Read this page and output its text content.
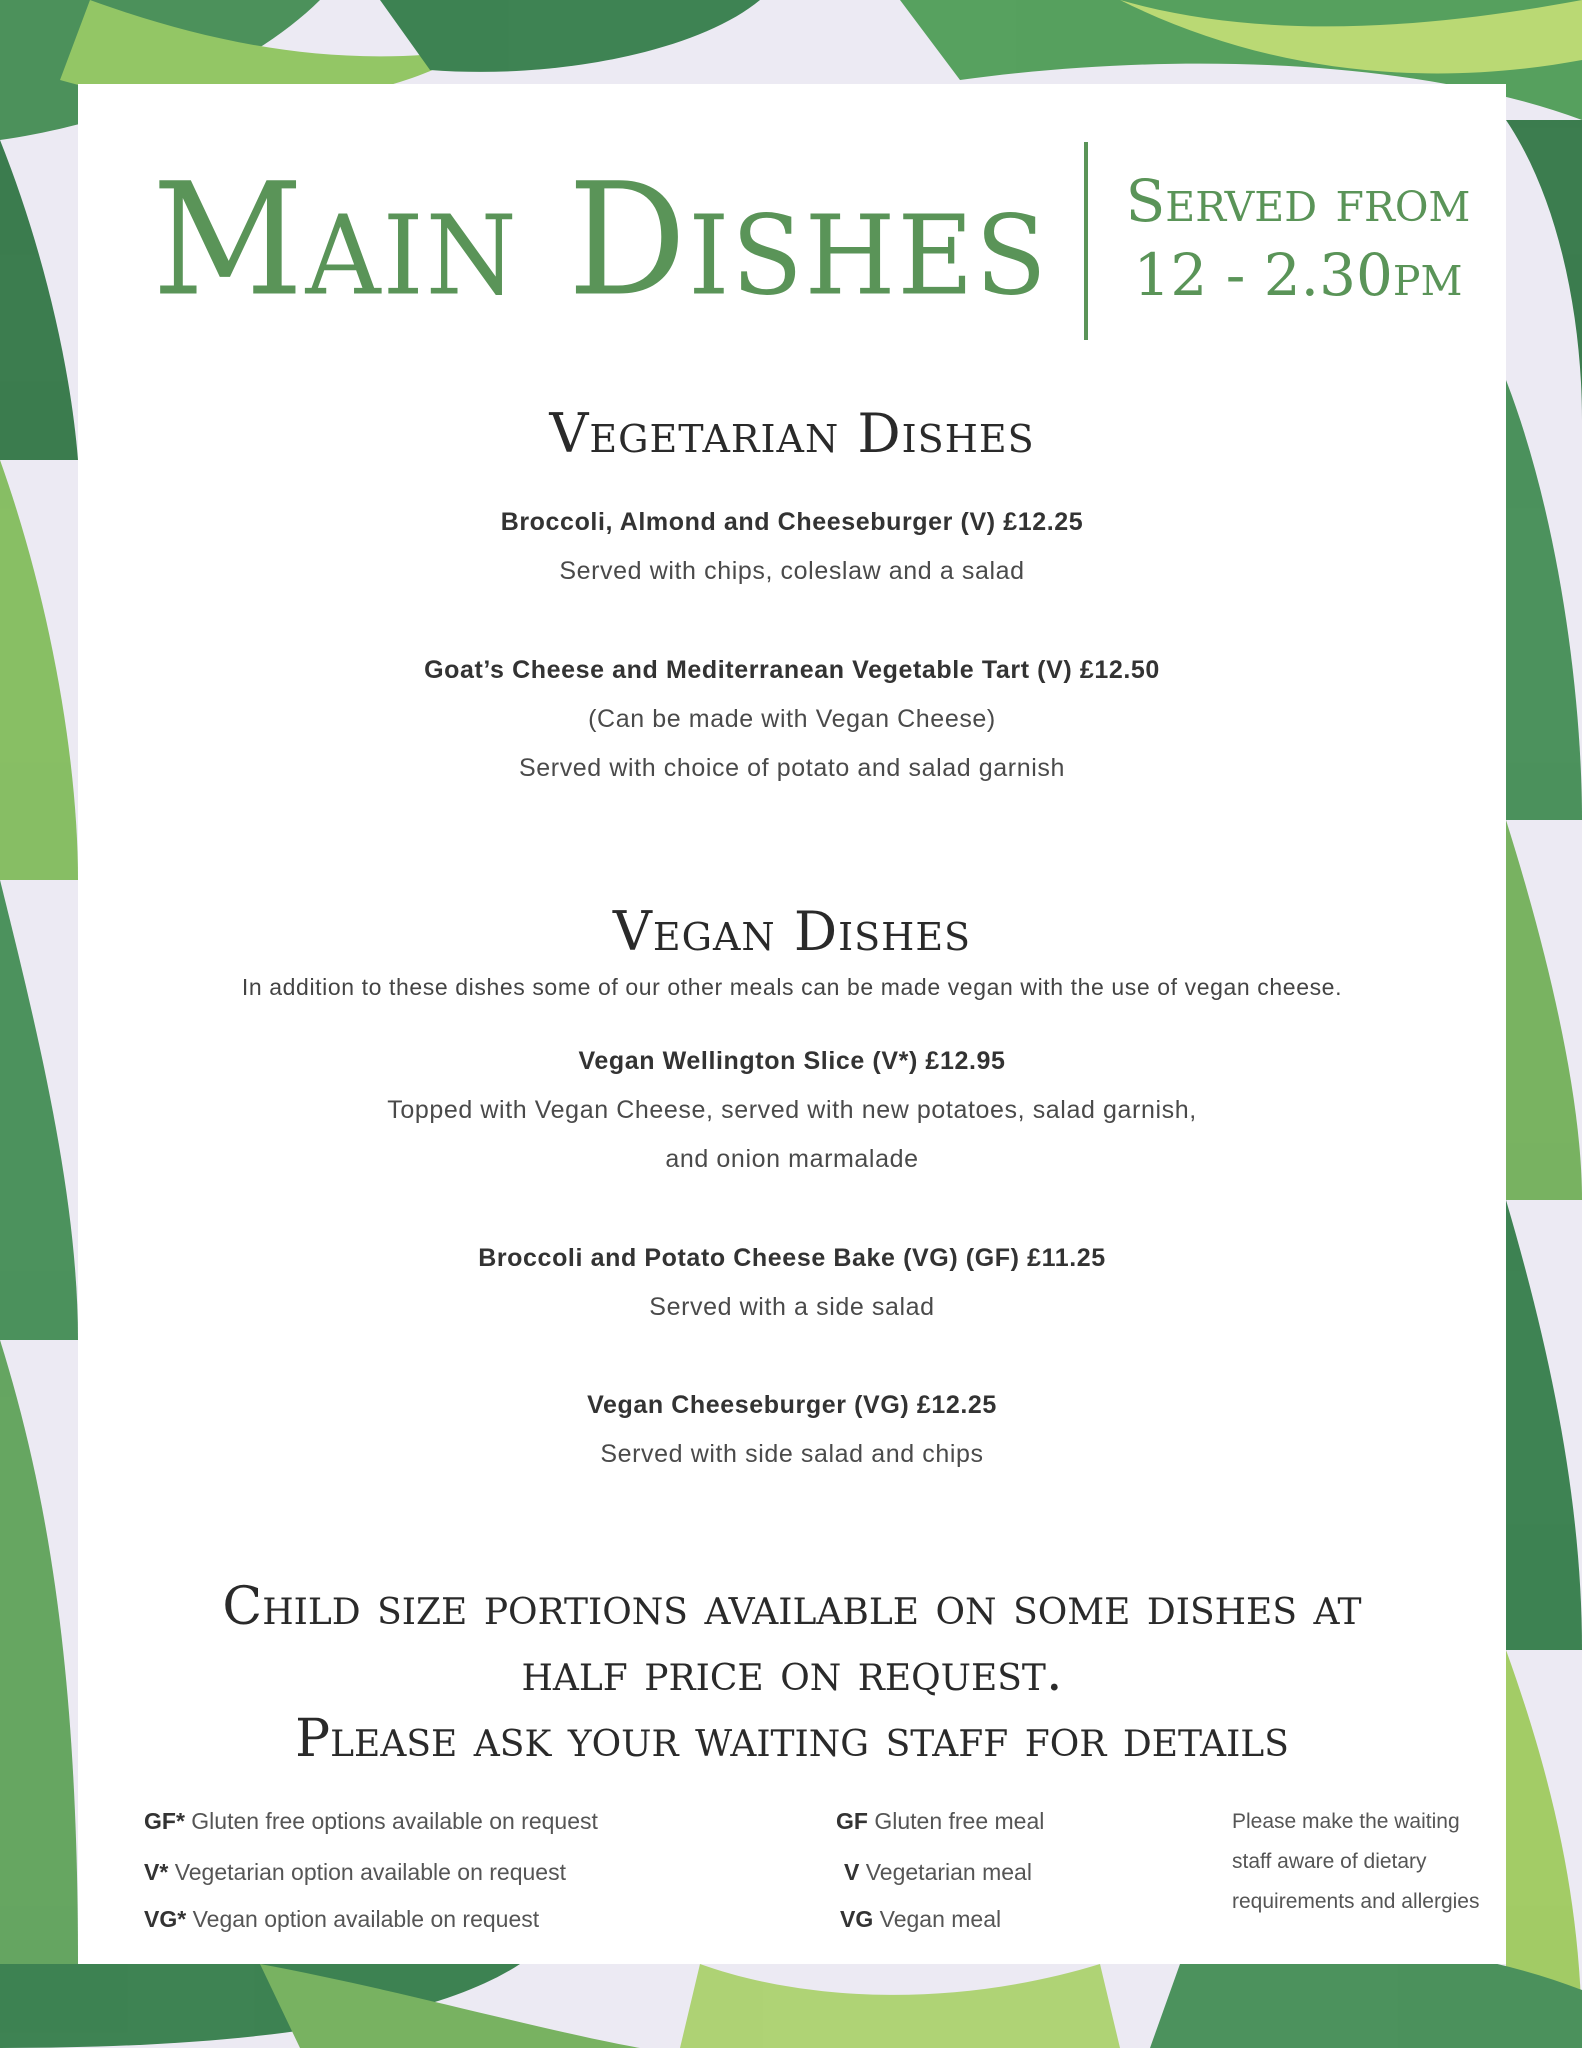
Main Dishes	Served from
12 - 2.30pm
Vegetarian Dishes
Broccoli, Almond and Cheeseburger (V) £12.25
Served with chips, coleslaw and a salad
Goat’s Cheese and Mediterranean Vegetable Tart (V) £12.50
(Can be made with Vegan Cheese)
Served with choice of potato and salad garnish
Vegan Dishes
In addition to these dishes some of our other meals can be made vegan with the use of vegan cheese.
Vegan Wellington Slice (V*) £12.95
Topped with Vegan Cheese, served with new potatoes, salad garnish,
and onion marmalade
Broccoli and Potato Cheese Bake (VG) (GF) £11.25
Served with a side salad
Vegan Cheeseburger (VG) £12.25
Served with side salad and chips
Child size portions available on some dishes at
half price on request.
Please ask your waiting staff for details
GF* Gluten free options available on request
V* Vegetarian option available on request
VG* Vegan option available on request
GF Gluten free meal
V Vegetarian meal
VG Vegan meal
Please make the waiting staff aware of dietary requirements and allergies
